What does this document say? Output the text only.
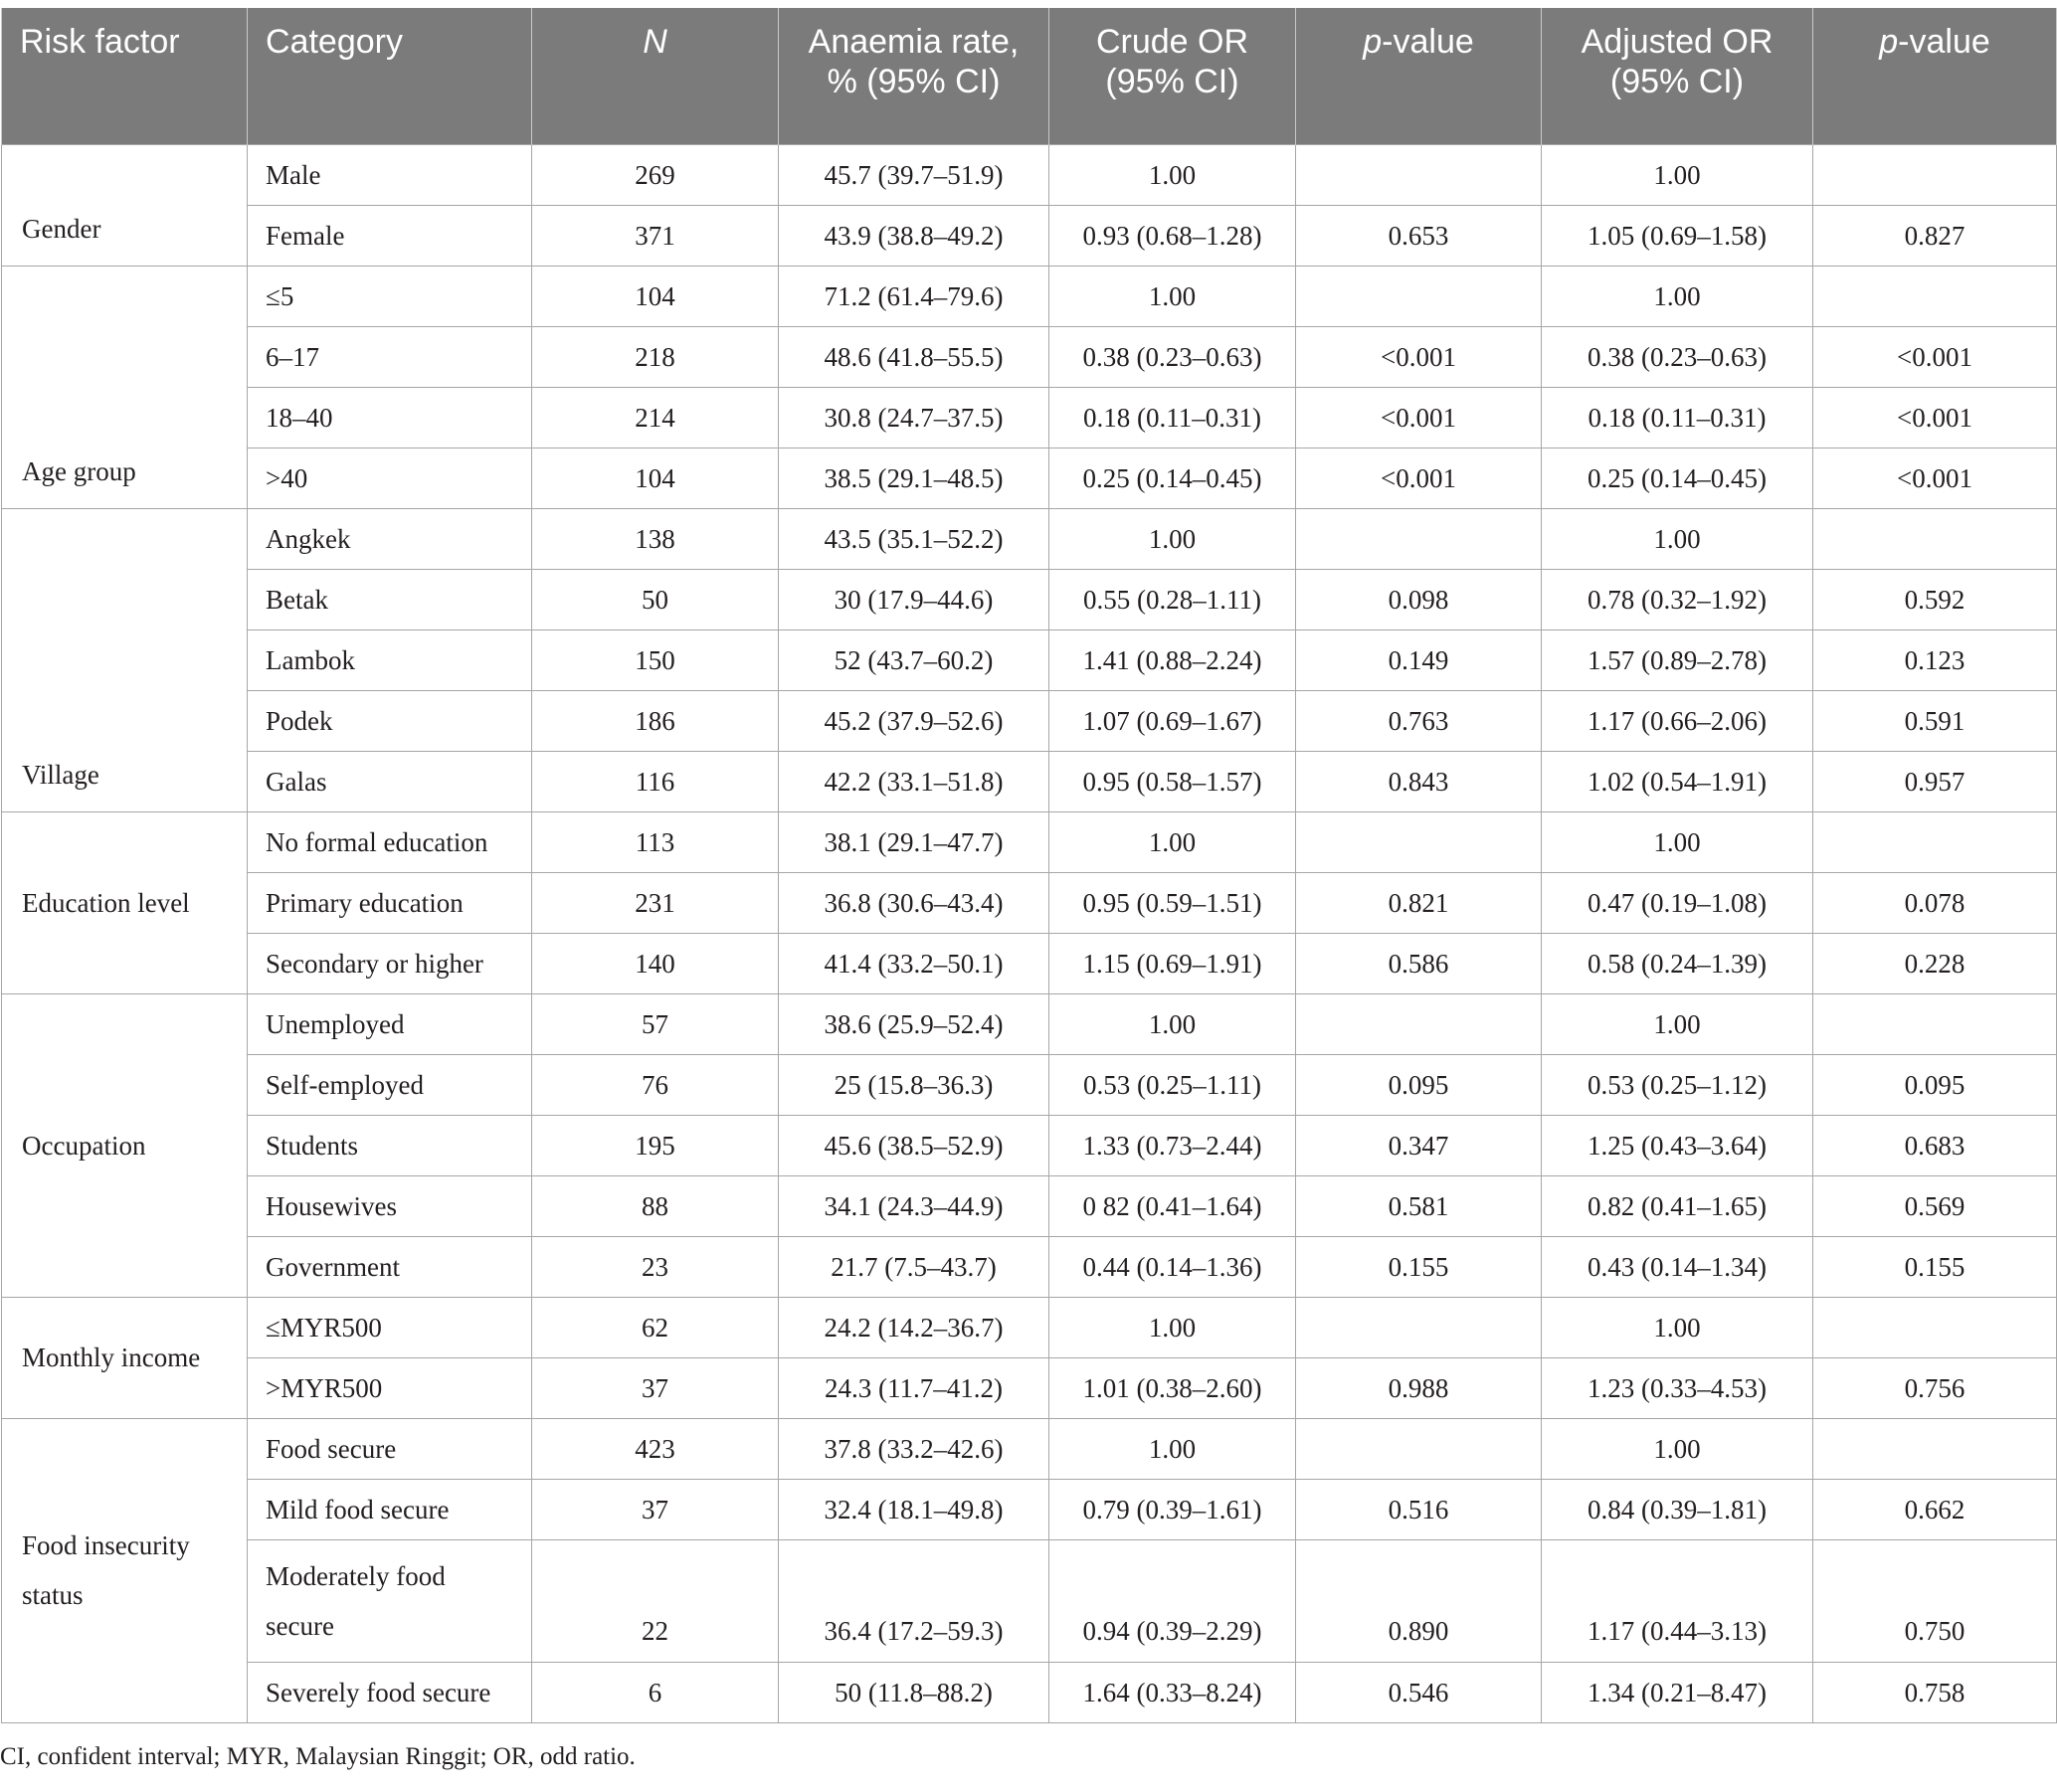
Risk factor	Category	N	Anaemia rate, % (95% CI)	Crude OR (95% CI)	p-value	Adjusted OR (95% CI)	p-value
Gender	Male	269	45.7 (39.7–51.9)	1.00		1.00	
	Female	371	43.9 (38.8–49.2)	0.93 (0.68–1.28)	0.653	1.05 (0.69–1.58)	0.827
Age group	≤5	104	71.2 (61.4–79.6)	1.00		1.00	
	6–17	218	48.6 (41.8–55.5)	0.38 (0.23–0.63)	<0.001	0.38 (0.23–0.63)	<0.001
	18–40	214	30.8 (24.7–37.5)	0.18 (0.11–0.31)	<0.001	0.18 (0.11–0.31)	<0.001
	>40	104	38.5 (29.1–48.5)	0.25 (0.14–0.45)	<0.001	0.25 (0.14–0.45)	<0.001
Village	Angkek	138	43.5 (35.1–52.2)	1.00		1.00	
	Betak	50	30 (17.9–44.6)	0.55 (0.28–1.11)	0.098	0.78 (0.32–1.92)	0.592
	Lambok	150	52 (43.7–60.2)	1.41 (0.88–2.24)	0.149	1.57 (0.89–2.78)	0.123
	Podek	186	45.2 (37.9–52.6)	1.07 (0.69–1.67)	0.763	1.17 (0.66–2.06)	0.591
	Galas	116	42.2 (33.1–51.8)	0.95 (0.58–1.57)	0.843	1.02 (0.54–1.91)	0.957
Education level	No formal education	113	38.1 (29.1–47.7)	1.00		1.00	
	Primary education	231	36.8 (30.6–43.4)	0.95 (0.59–1.51)	0.821	0.47 (0.19–1.08)	0.078
	Secondary or higher	140	41.4 (33.2–50.1)	1.15 (0.69–1.91)	0.586	0.58 (0.24–1.39)	0.228
Occupation	Unemployed	57	38.6 (25.9–52.4)	1.00		1.00	
	Self-employed	76	25 (15.8–36.3)	0.53 (0.25–1.11)	0.095	0.53 (0.25–1.12)	0.095
	Students	195	45.6 (38.5–52.9)	1.33 (0.73–2.44)	0.347	1.25 (0.43–3.64)	0.683
	Housewives	88	34.1 (24.3–44.9)	0 82 (0.41–1.64)	0.581	0.82 (0.41–1.65)	0.569
	Government	23	21.7 (7.5–43.7)	0.44 (0.14–1.36)	0.155	0.43 (0.14–1.34)	0.155
Monthly income	≤MYR500	62	24.2 (14.2–36.7)	1.00		1.00	
	>MYR500	37	24.3 (11.7–41.2)	1.01 (0.38–2.60)	0.988	1.23 (0.33–4.53)	0.756
Food insecurity status	Food secure	423	37.8 (33.2–42.6)	1.00		1.00	
	Mild food secure	37	32.4 (18.1–49.8)	0.79 (0.39–1.61)	0.516	0.84 (0.39–1.81)	0.662
	Moderately food secure	22	36.4 (17.2–59.3)	0.94 (0.39–2.29)	0.890	1.17 (0.44–3.13)	0.750
	Severely food secure	6	50 (11.8–88.2)	1.64 (0.33–8.24)	0.546	1.34 (0.21–8.47)	0.758
CI, confident interval; MYR, Malaysian Ringgit; OR, odd ratio.
